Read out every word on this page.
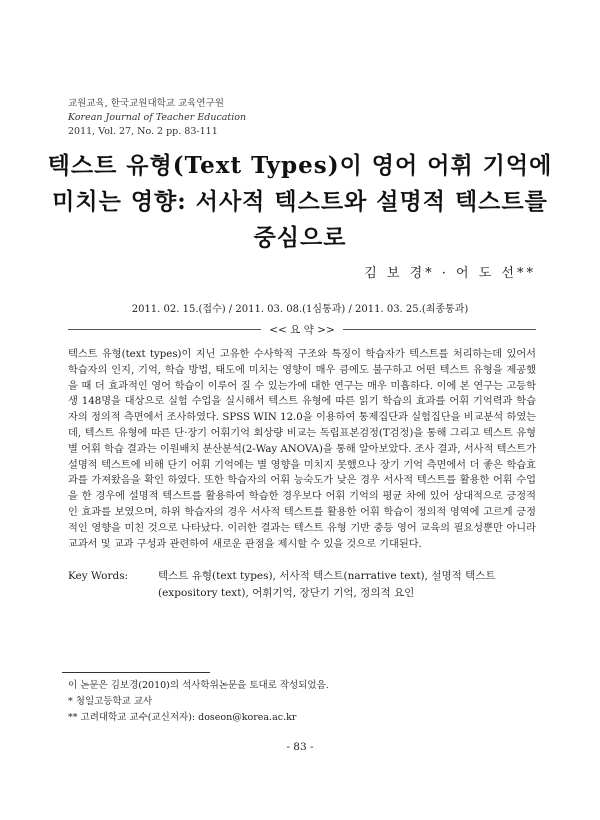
교원교육, 한국교원대학교 교육연구원
Korean Journal of Teacher Education
2011, Vol. 27, No. 2 pp. 83-111
텍스트 유형(Text Types)이 영어 어휘 기억에
미치는 영향: 서사적 텍스트와 설명적 텍스트를
중심으로
김 보 경* · 어 도 선**
2011. 02. 15.(접수) / 2011. 03. 08.(1심통과) / 2011. 03. 25.(최종통과)
<< 요 약 >>
텍스트 유형(text types)이 지닌 고유한 수사학적 구조와 특징이 학습자가 텍스트를 처리하는데 있어서 학습자의 인지, 기억, 학습 방법, 태도에 미치는 영향이 매우 큼에도 불구하고 어떤 텍스트 유형을 제공했을 때 더 효과적인 영어 학습이 이루어 질 수 있는가에 대한 연구는 매우 미흡하다. 이에 본 연구는 고등학생 148명을 대상으로 실험 수업을 실시해서 텍스트 유형에 따른 읽기 학습의 효과를 어휘 기억력과 학습자의 정의적 측면에서 조사하였다. SPSS WIN 12.0을 이용하여 통제집단과 실험집단을 비교분석 하였는데, 텍스트 유형에 따른 단·장기 어휘기억 회상량 비교는 독립표본검정(T검정)을 통해 그리고 텍스트 유형별 어휘 학습 결과는 이원배치 분산분석(2-Way ANOVA)을 통해 알아보았다. 조사 결과, 서사적 텍스트가 설명적 텍스트에 비해 단기 어휘 기억에는 별 영향을 미치지 못했으나 장기 기억 측면에서 더 좋은 학습효과를 가져왔음을 확인 하였다. 또한 학습자의 어휘 능숙도가 낮은 경우 서사적 텍스트를 활용한 어휘 수업을 한 경우에 설명적 텍스트를 활용하여 학습한 경우보다 어휘 기억의 평균 차에 있어 상대적으로 긍정적인 효과를 보였으며, 하위 학습자의 경우 서사적 텍스트를 활용한 어휘 학습이 정의적 영역에 고르게 긍정적인 영향을 미친 것으로 나타났다. 이러한 결과는 텍스트 유형 기반 중등 영어 교육의 필요성뿐만 아니라 교과서 및 교과 구성과 관련하여 새로운 관점을 제시할 수 있을 것으로 기대된다.
Key Words:	텍스트 유형(text types), 서사적 텍스트(narrative text), 설명적 텍스트
(expository text), 어휘기억, 장단기 기억, 정의적 요인
이 논문은 김보경(2010)의 석사학위논문을 토대로 작성되었음.
* 청일고등학교 교사
** 고려대학교 교수(교신저자): doseon@korea.ac.kr
- 83 -
